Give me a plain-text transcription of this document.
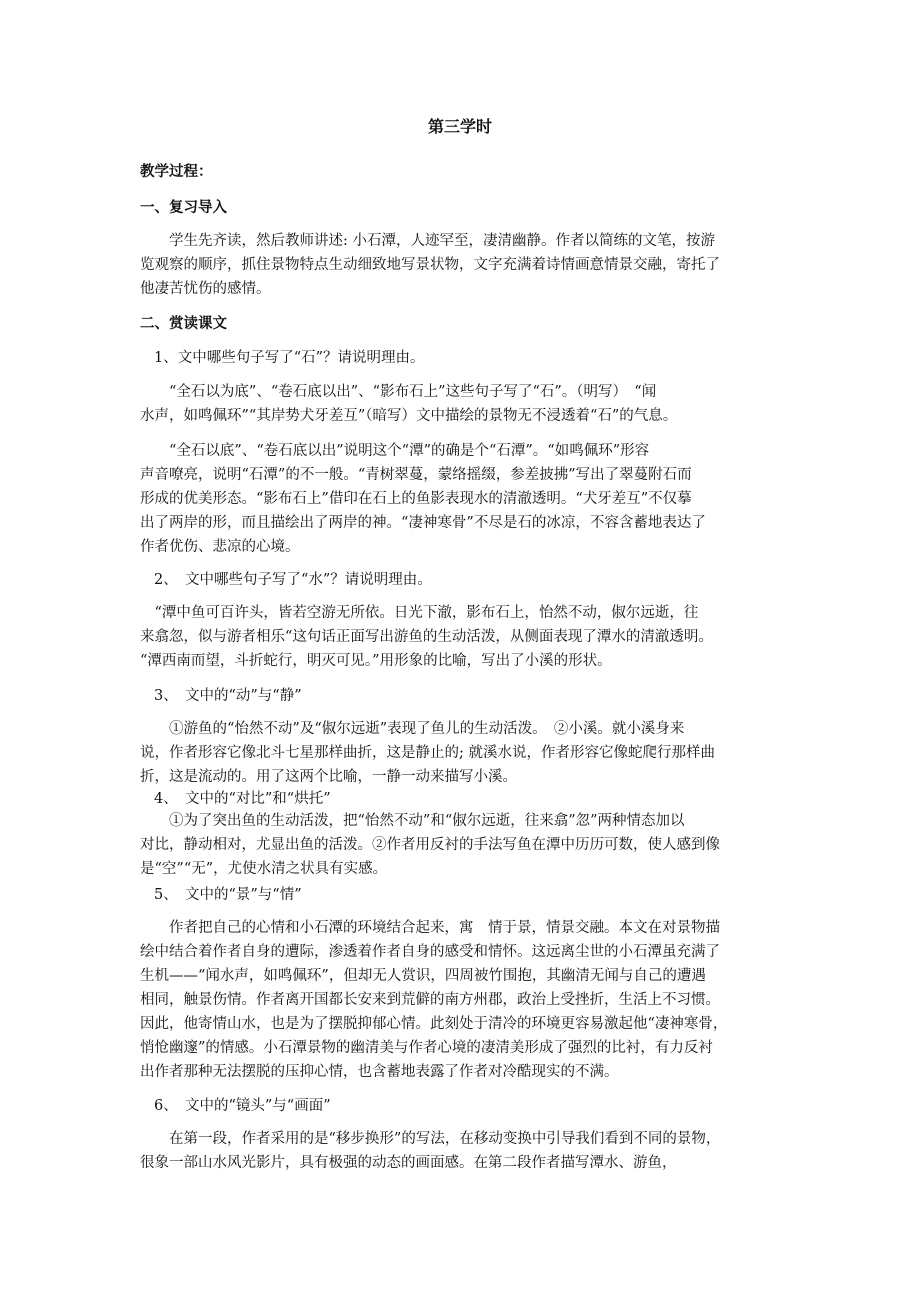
第三学时
教学过程：
一、复习导入
　　学生先齐读，然后教师讲述: 小石潭，人迹罕至，凄清幽静。作者以简练的文笔，按游
览观察的顺序，抓住景物特点生动细致地写景状物，文字充满着诗情画意情景交融，寄托了
他凄苦忧伤的感情。
二、赏读课文
1、文中哪些句子写了“石”？请说明理由。
　　“全石以为底”、“卷石底以出”、“影布石上”这些句子写了“石”。（明写）　“闻
水声，如鸣佩环”“其岸势犬牙差互”（暗写）文中描绘的景物无不浸透着“石”的气息。
　　“全石以底”、“卷石底以出”说明这个“潭”的确是个“石潭”。“如鸣佩环”形容
声音嘹亮，说明“石潭”的不一般。“青树翠蔓，蒙络摇缀，参差披拂”写出了翠蔓附石而
形成的优美形态。“影布石上”借印在石上的鱼影表现水的清澈透明。“犬牙差互”不仅摹
出了两岸的形，而且描绘出了两岸的神。“凄神寒骨”不尽是石的冰凉，不容含蓄地表达了
作者优伤、悲凉的心境。
2、　文中哪些句子写了“水”？请说明理由。
　“潭中鱼可百许头，皆若空游无所依。日光下澈，影布石上，怡然不动，俶尔远逝，往
来翕忽，似与游者相乐“这句话正面写出游鱼的生动活泼，从侧面表现了潭水的清澈透明。
“潭西南而望，斗折蛇行，明灭可见。”用形象的比喻，写出了小溪的形状。
3、　文中的“动”与“静”
　　①游鱼的“怡然不动”及“俶尔远逝”表现了鱼儿的生动活泼。　②小溪。就小溪身来
说，作者形容它像北斗七星那样曲折，这是静止的; 就溪水说，作者形容它像蛇爬行那样曲
折，这是流动的。用了这两个比喻，一静一动来描写小溪。
4、　文中的“对比”和“烘托”
　　①为了突出鱼的生动活泼，把“怡然不动”和“俶尔远逝，往来翕”忽”两种情态加以
对比，静动相对，尤显出鱼的活泼。②作者用反衬的手法写鱼在潭中历历可数，使人感到像
是“空”“无”，尤使水清之状具有实感。
5、　文中的“景”与“情”
　　作者把自己的心情和小石潭的环境结合起来，寓　情于景，情景交融。本文在对景物描
绘中结合着作者自身的遭际，渗透着作者自身的感受和情怀。这远离尘世的小石潭虽充满了
生机——“闻水声，如鸣佩环”，但却无人赏识，四周被竹围抱，其幽清无闻与自己的遭遇
相同，触景伤情。作者离开国都长安来到荒僻的南方州郡，政治上受挫折，生活上不习惯。
因此，他寄情山水，也是为了摆脱抑郁心情。此刻处于清冷的环境更容易激起他“凄神寒骨，
悄怆幽邃”的情感。小石潭景物的幽清美与作者心境的凄清美形成了强烈的比衬，有力反衬
出作者那种无法摆脱的压抑心情，也含蓄地表露了作者对冷酷现实的不满。
6、　文中的“镜头”与“画面”
　　在第一段，作者采用的是“移步换形”的写法，在移动变换中引导我们看到不同的景物，
很象一部山水风光影片，具有极强的动态的画面感。在第二段作者描写潭水、游鱼，
